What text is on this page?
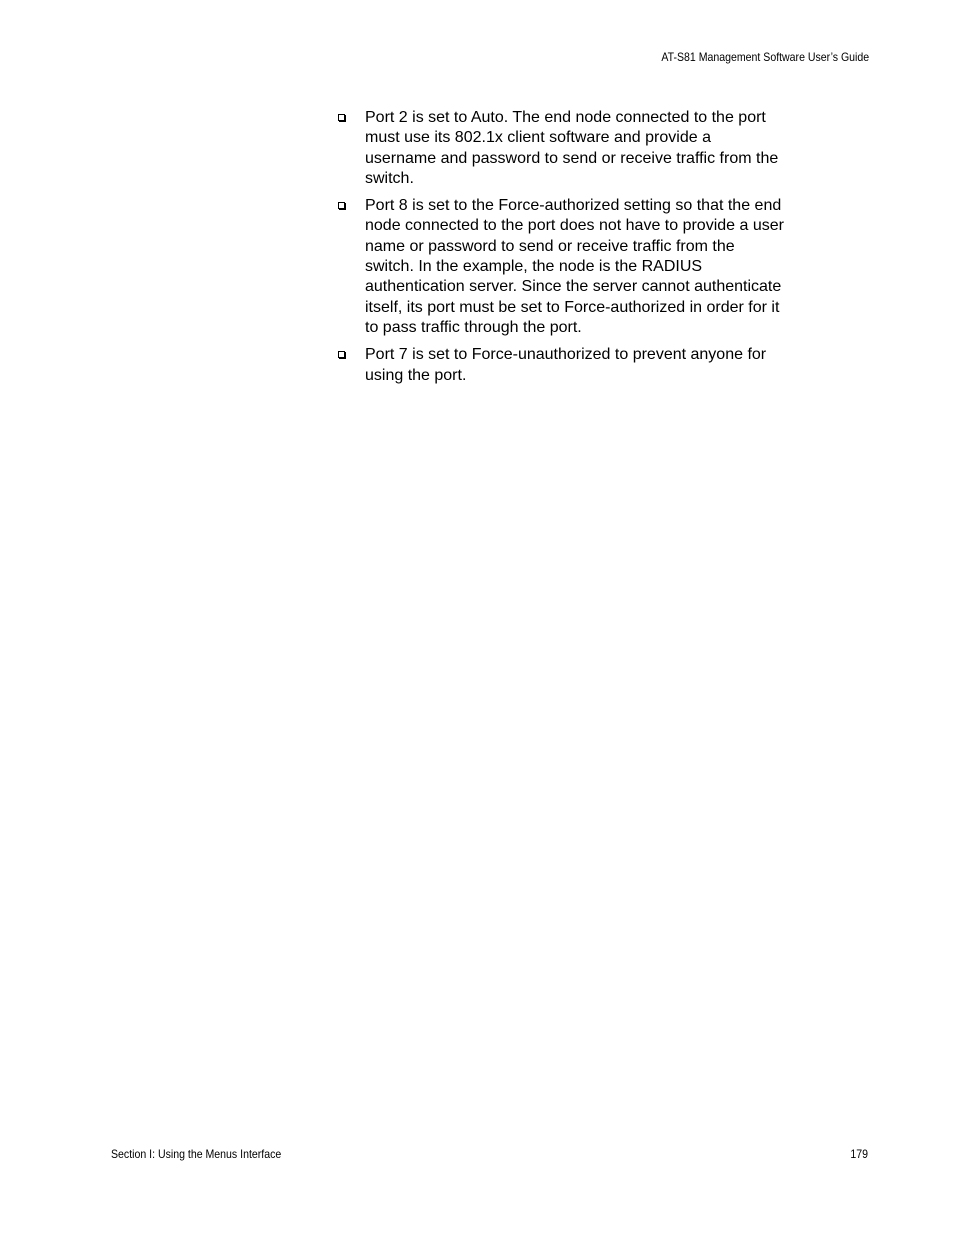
AT-S81 Management Software User’s Guide
Port 2 is set to Auto. The end node connected to the port must use its 802.1x client software and provide a username and password to send or receive traffic from the switch.
Port 8 is set to the Force-authorized setting so that the end node connected to the port does not have to provide a user name or password to send or receive traffic from the switch. In the example, the node is the RADIUS authentication server. Since the server cannot authenticate itself, its port must be set to Force-authorized in order for it to pass traffic through the port.
Port 7 is set to Force-unauthorized to prevent anyone for using the port.
Section I: Using the Menus Interface	179
